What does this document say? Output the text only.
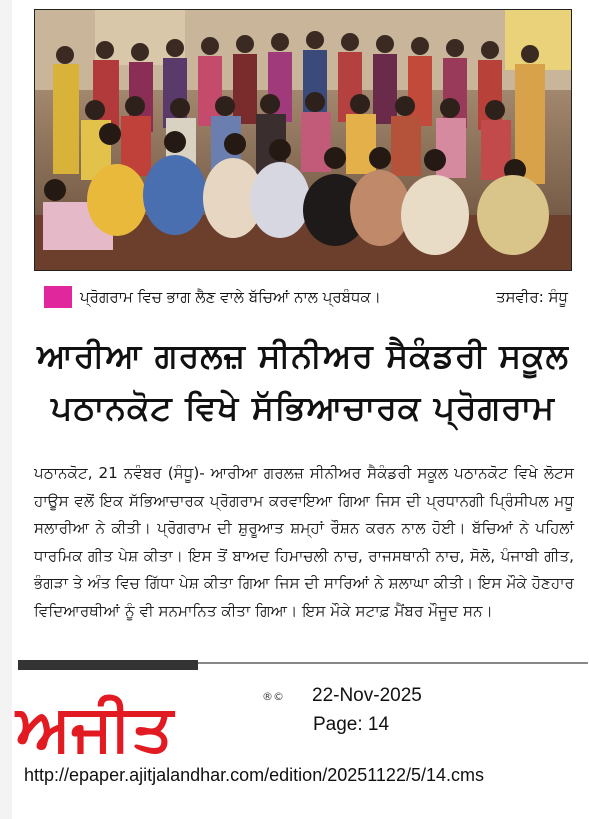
ਪ੍ਰੋਗਰਾਮ ਵਿਚ ਭਾਗ ਲੈਣ ਵਾਲੇ ਬੱਚਿਆਂ ਨਾਲ ਪ੍ਰਬੰਧਕ।	ਤਸਵੀਰ: ਸੰਧੂ
ਆਰੀਆ ਗਰਲਜ਼ ਸੀਨੀਅਰ ਸੈਕੰਡਰੀ ਸਕੂਲ
ਪਠਾਨਕੋਟ ਵਿਖੇ ਸੱਭਿਆਚਾਰਕ ਪ੍ਰੋਗਰਾਮ
ਪਠਾਨਕੋਟ, 21 ਨਵੰਬਰ (ਸੰਧੂ)- ਆਰੀਆ ਗਰਲਜ਼ ਸੀਨੀਅਰ ਸੈਕੰਡਰੀ ਸਕੂਲ ਪਠਾਨਕੋਟ ਵਿਖੇ ਲੋਟਸ ਹਾਊਸ ਵਲੋਂ ਇਕ ਸੱਭਿਆਚਾਰਕ ਪ੍ਰੋਗਰਾਮ ਕਰਵਾਇਆ ਗਿਆ ਜਿਸ ਦੀ ਪ੍ਰਧਾਨਗੀ ਪ੍ਰਿੰਸੀਪਲ ਮਧੂ ਸਲਾਰੀਆ ਨੇ ਕੀਤੀ। ਪ੍ਰੋਗਰਾਮ ਦੀ ਸ਼ੁਰੂਆਤ ਸ਼ਮ੍ਹਾਂ ਰੌਸ਼ਨ ਕਰਨ ਨਾਲ ਹੋਈ। ਬੱਚਿਆਂ ਨੇ ਪਹਿਲਾਂ ਧਾਰਮਿਕ ਗੀਤ ਪੇਸ਼ ਕੀਤਾ। ਇਸ ਤੋਂ ਬਾਅਦ ਹਿਮਾਚਲੀ ਨਾਚ, ਰਾਜਸਥਾਨੀ ਨਾਚ, ਸੋਲੋ, ਪੰਜਾਬੀ ਗੀਤ, ਭੰਗੜਾ ਤੇ ਅੰਤ ਵਿਚ ਗਿੱਧਾ ਪੇਸ਼ ਕੀਤਾ ਗਿਆ ਜਿਸ ਦੀ ਸਾਰਿਆਂ ਨੇ ਸ਼ਲਾਘਾ ਕੀਤੀ। ਇਸ ਮੌਕੇ ਹੋਣਹਾਰ ਵਿਦਿਆਰਥੀਆਂ ਨੂੰ ਵੀ ਸਨਮਾਨਿਤ ਕੀਤਾ ਗਿਆ। ਇਸ ਮੌਕੇ ਸਟਾਫ਼ ਮੈਂਬਰ ਮੌਜੂਦ ਸਨ।
ਅਜੀਤ	®© 22-Nov-2025
Page: 14
http://epaper.ajitjalandhar.com/edition/20251122/5/14.cms
